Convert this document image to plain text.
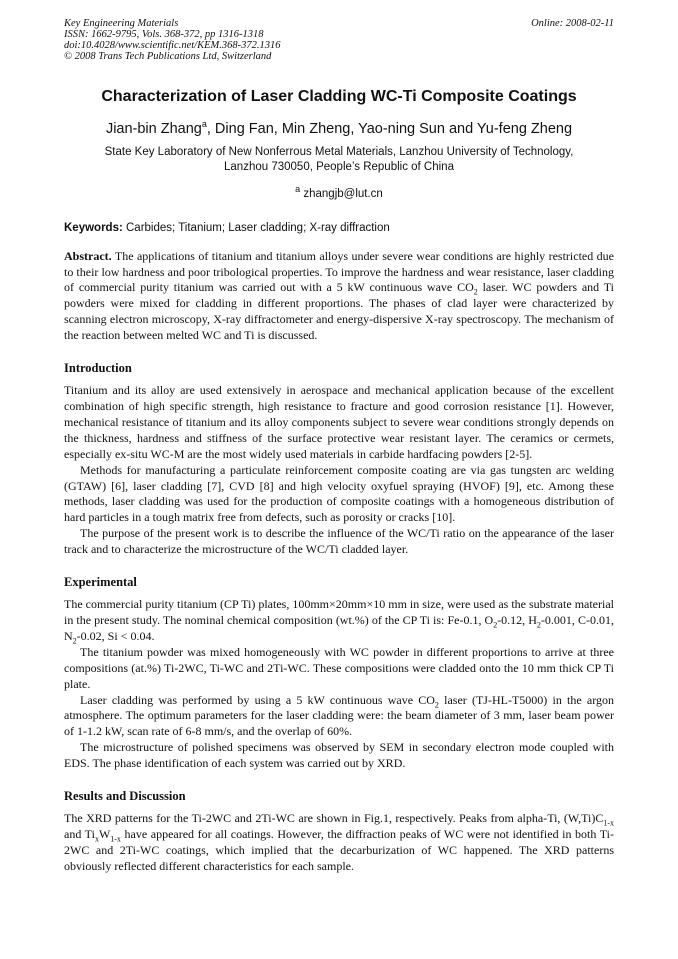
Key Engineering Materials
ISSN: 1662-9795, Vols. 368-372, pp 1316-1318
doi:10.4028/www.scientific.net/KEM.368-372.1316
© 2008 Trans Tech Publications Ltd, Switzerland
Online: 2008-02-11
Characterization of Laser Cladding WC-Ti Composite Coatings
Jian-bin Zhang$^a$, Ding Fan, Min Zheng, Yao-ning Sun and Yu-feng Zheng
State Key Laboratory of New Nonferrous Metal Materials, Lanzhou University of Technology,
Lanzhou 730050, People’s Republic of China
$^a$ zhangjb@lut.cn
Keywords: Carbides; Titanium; Laser cladding; X-ray diffraction
Abstract. The applications of titanium and titanium alloys under severe wear conditions are highly restricted due to their low hardness and poor tribological properties. To improve the hardness and wear resistance, laser cladding of commercial purity titanium was carried out with a 5 kW continuous wave $CO_2$ laser. WC powders and Ti powders were mixed for cladding in different proportions. The phases of clad layer were characterized by scanning electron microscopy, X-ray diffractometer and energy-dispersive X-ray spectroscopy. The mechanism of the reaction between melted WC and Ti is discussed.
Introduction

Titanium and its alloy are used extensively in aerospace and mechanical application because of the excellent combination of high specific strength, high resistance to fracture and good corrosion resistance [1]. However, mechanical resistance of titanium and its alloy components subject to severe wear conditions strongly depends on the thickness, hardness and stiffness of the surface protective wear resistant layer. The ceramics or cermets, especially ex-situ WC-M are the most widely used materials in carbide hardfacing powders [2-5].

Methods for manufacturing a particulate reinforcement composite coating are via gas tungsten arc welding (GTAW) [6], laser cladding [7], CVD [8] and high velocity oxyfuel spraying (HVOF) [9], etc. Among these methods, laser cladding was used for the production of composite coatings with a homogeneous distribution of hard particles in a tough matrix free from defects, such as porosity or cracks [10].

The purpose of the present work is to describe the influence of the WC/Ti ratio on the appearance of the laser track and to characterize the microstructure of the WC/Ti cladded layer.

Experimental

The commercial purity titanium (CP Ti) plates, 100mm×20mm×10 mm in size, were used as the substrate material in the present study. The nominal chemical composition (wt.%) of the CP Ti is: Fe-0.1, $O_2-0.12$, $H_2-0.001$, C-0.01, $N_2-0.02$, Si < 0.04.

The titanium powder was mixed homogeneously with WC powder in different proportions to arrive at three compositions (at.%) Ti-2WC, Ti-WC and 2Ti-WC. These compositions were cladded onto the 10 mm thick CP Ti plate.

Laser cladding was performed by using a 5 kW continuous wave $CO_2$ laser (TJ-HL-T5000) in the argon atmosphere. The optimum parameters for the laser cladding were: the beam diameter of 3 mm, laser beam power of 1-1.2 kW, scan rate of 6-8 mm/s, and the overlap of 60%.

The microstructure of polished specimens was observed by SEM in secondary electron mode coupled with EDS. The phase identification of each system was carried out by XRD.

Results and Discussion

The XRD patterns for the Ti-2WC and 2Ti-WC are shown in Fig.1, respectively. Peaks from alpha-Ti, $(W,Ti)C_{1-x}$ and $Ti_xW_{1-x}$ have appeared for all coatings. However, the diffraction peaks of WC were not identified in both Ti-2WC and 2Ti-WC coatings, which implied that the decarburization of WC happened. The XRD patterns obviously reflected different characteristics for each sample.
